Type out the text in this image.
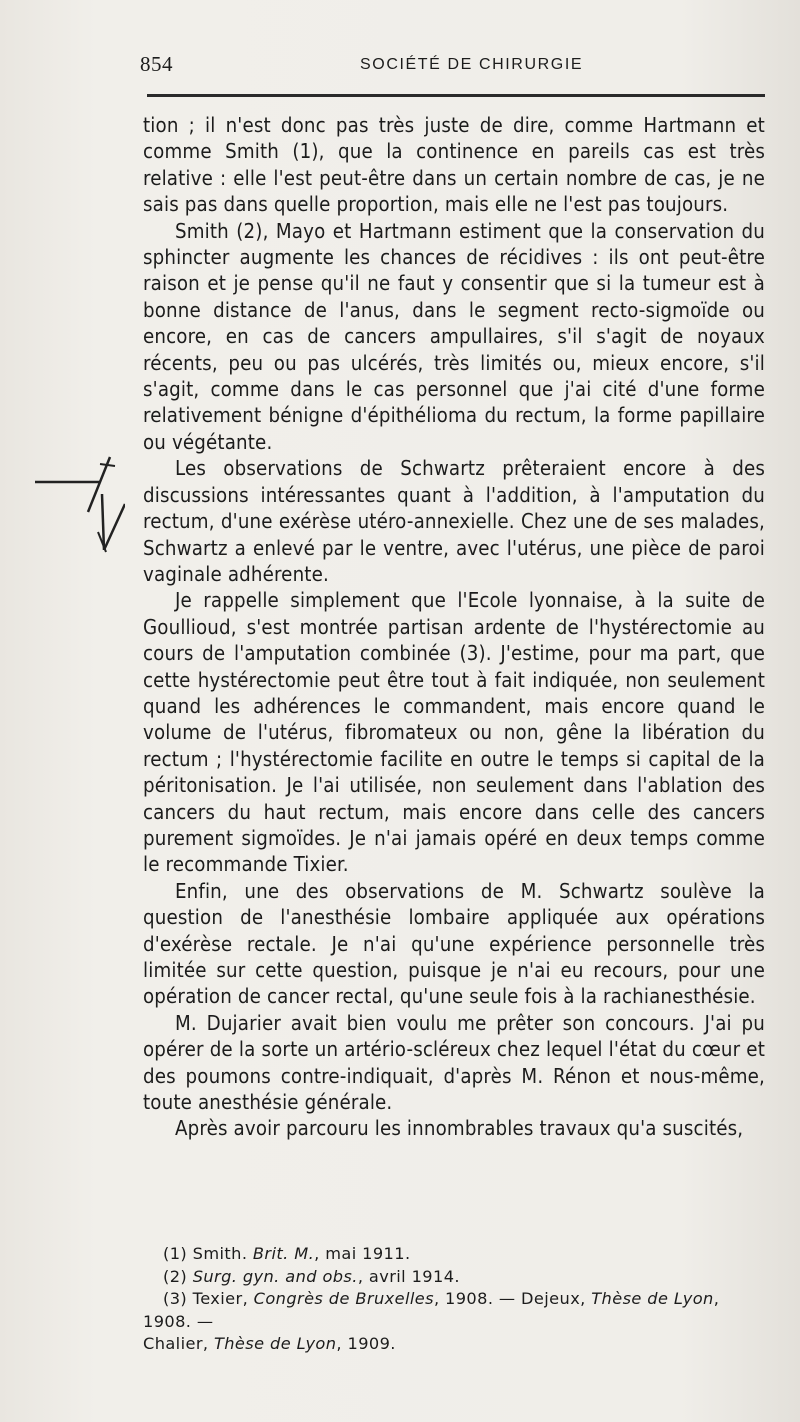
854	SOCIÉTÉ DE CHIRURGIE

tion ; il n'est donc pas très juste de dire, comme Hartmann et comme Smith (1), que la continence en pareils cas est très relative : elle l'est peut-être dans un certain nombre de cas, je ne sais pas dans quelle proportion, mais elle ne l'est pas toujours.

Smith (2), Mayo et Hartmann estiment que la conservation du sphincter augmente les chances de récidives : ils ont peut-être raison et je pense qu'il ne faut y consentir que si la tumeur est à bonne distance de l'anus, dans le segment recto-sigmoïde ou encore, en cas de cancers ampullaires, s'il s'agit de noyaux récents, peu ou pas ulcérés, très limités ou, mieux encore, s'il s'agit, comme dans le cas personnel que j'ai cité d'une forme relativement bénigne d'épithélioma du rectum, la forme papillaire ou végétante.

Les observations de Schwartz prêteraient encore à des discussions intéressantes quant à l'addition, à l'amputation du rectum, d'une exérèse utéro-annexielle. Chez une de ses malades, Schwartz a enlevé par le ventre, avec l'utérus, une pièce de paroi vaginale adhérente.

Je rappelle simplement que l'Ecole lyonnaise, à la suite de Goullioud, s'est montrée partisan ardente de l'hystérectomie au cours de l'amputation combinée (3). J'estime, pour ma part, que cette hystérectomie peut être tout à fait indiquée, non seulement quand les adhérences le commandent, mais encore quand le volume de l'utérus, fibromateux ou non, gêne la libération du rectum ; l'hystérectomie facilite en outre le temps si capital de la péritonisation. Je l'ai utilisée, non seulement dans l'ablation des cancers du haut rectum, mais encore dans celle des cancers purement sigmoïdes. Je n'ai jamais opéré en deux temps comme le recommande Tixier.

Enfin, une des observations de M. Schwartz soulève la question de l'anesthésie lombaire appliquée aux opérations d'exérèse rectale. Je n'ai qu'une expérience personnelle très limitée sur cette question, puisque je n'ai eu recours, pour une opération de cancer rectal, qu'une seule fois à la rachianesthésie.

M. Dujarier avait bien voulu me prêter son concours. J'ai pu opérer de la sorte un artério-scléreux chez lequel l'état du cœur et des poumons contre-indiquait, d'après M. Rénon et nous-même, toute anesthésie générale.

Après avoir parcouru les innombrables travaux qu'a suscités,

(1) Smith. Brit. M., mai 1911.
(2) Surg. gyn. and obs., avril 1914.
(3) Texier, Congrès de Bruxelles, 1908. — Dejeux, Thèse de Lyon, 1908. —
Chalier, Thèse de Lyon, 1909.
